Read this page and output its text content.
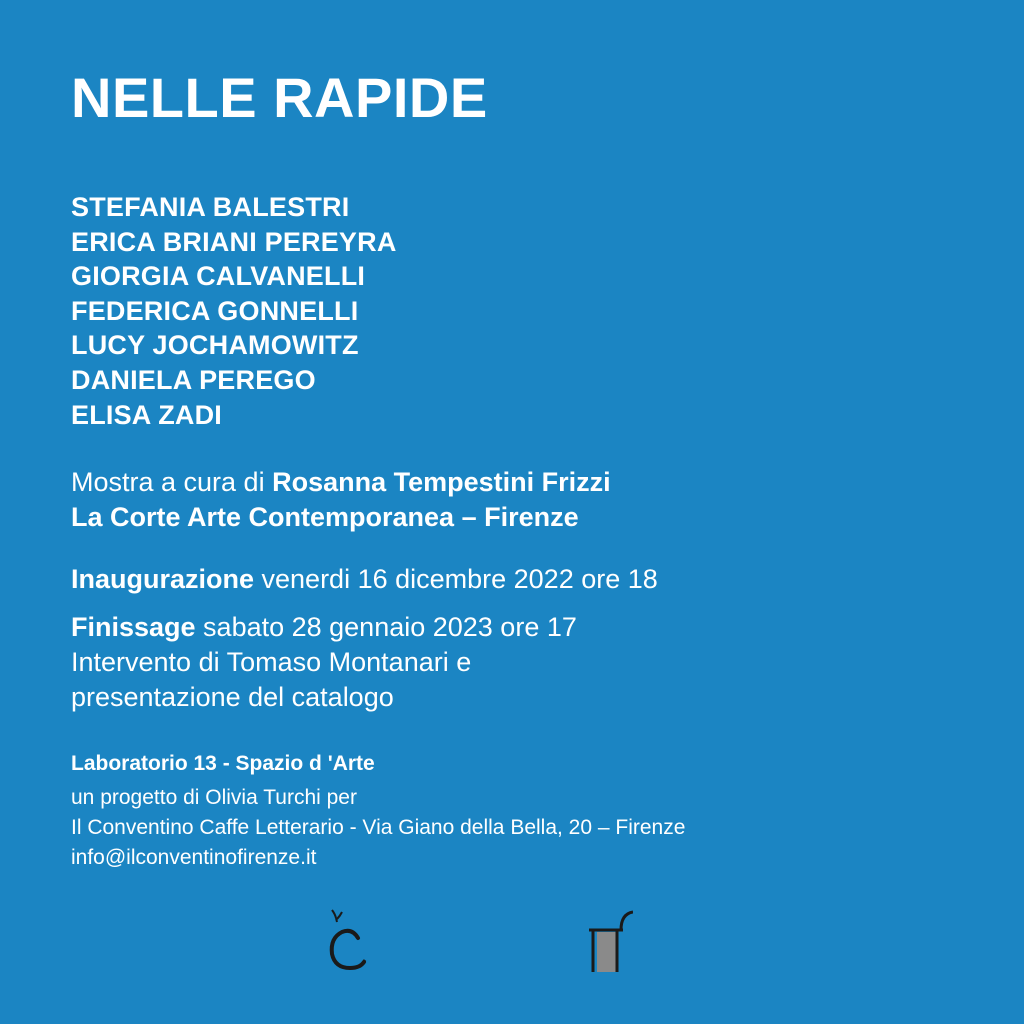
NELLE RAPIDE
STEFANIA BALESTRI
ERICA BRIANI PEREYRA
GIORGIA CALVANELLI
FEDERICA GONNELLI
LUCY JOCHAMOWITZ
DANIELA PEREGO
ELISA ZADI
Mostra a cura di Rosanna Tempestini Frizzi
La Corte Arte Contemporanea – Firenze
Inaugurazione venerdi 16 dicembre 2022 ore 18
Finissage sabato 28 gennaio 2023 ore 17
Intervento di Tomaso Montanari e
presentazione del catalogo
Laboratorio 13 - Spazio d 'Arte
un progetto di Olivia Turchi per
Il Conventino Caffe Letterario - Via Giano della Bella, 20 – Firenze
info@ilconventinofirenze.it
